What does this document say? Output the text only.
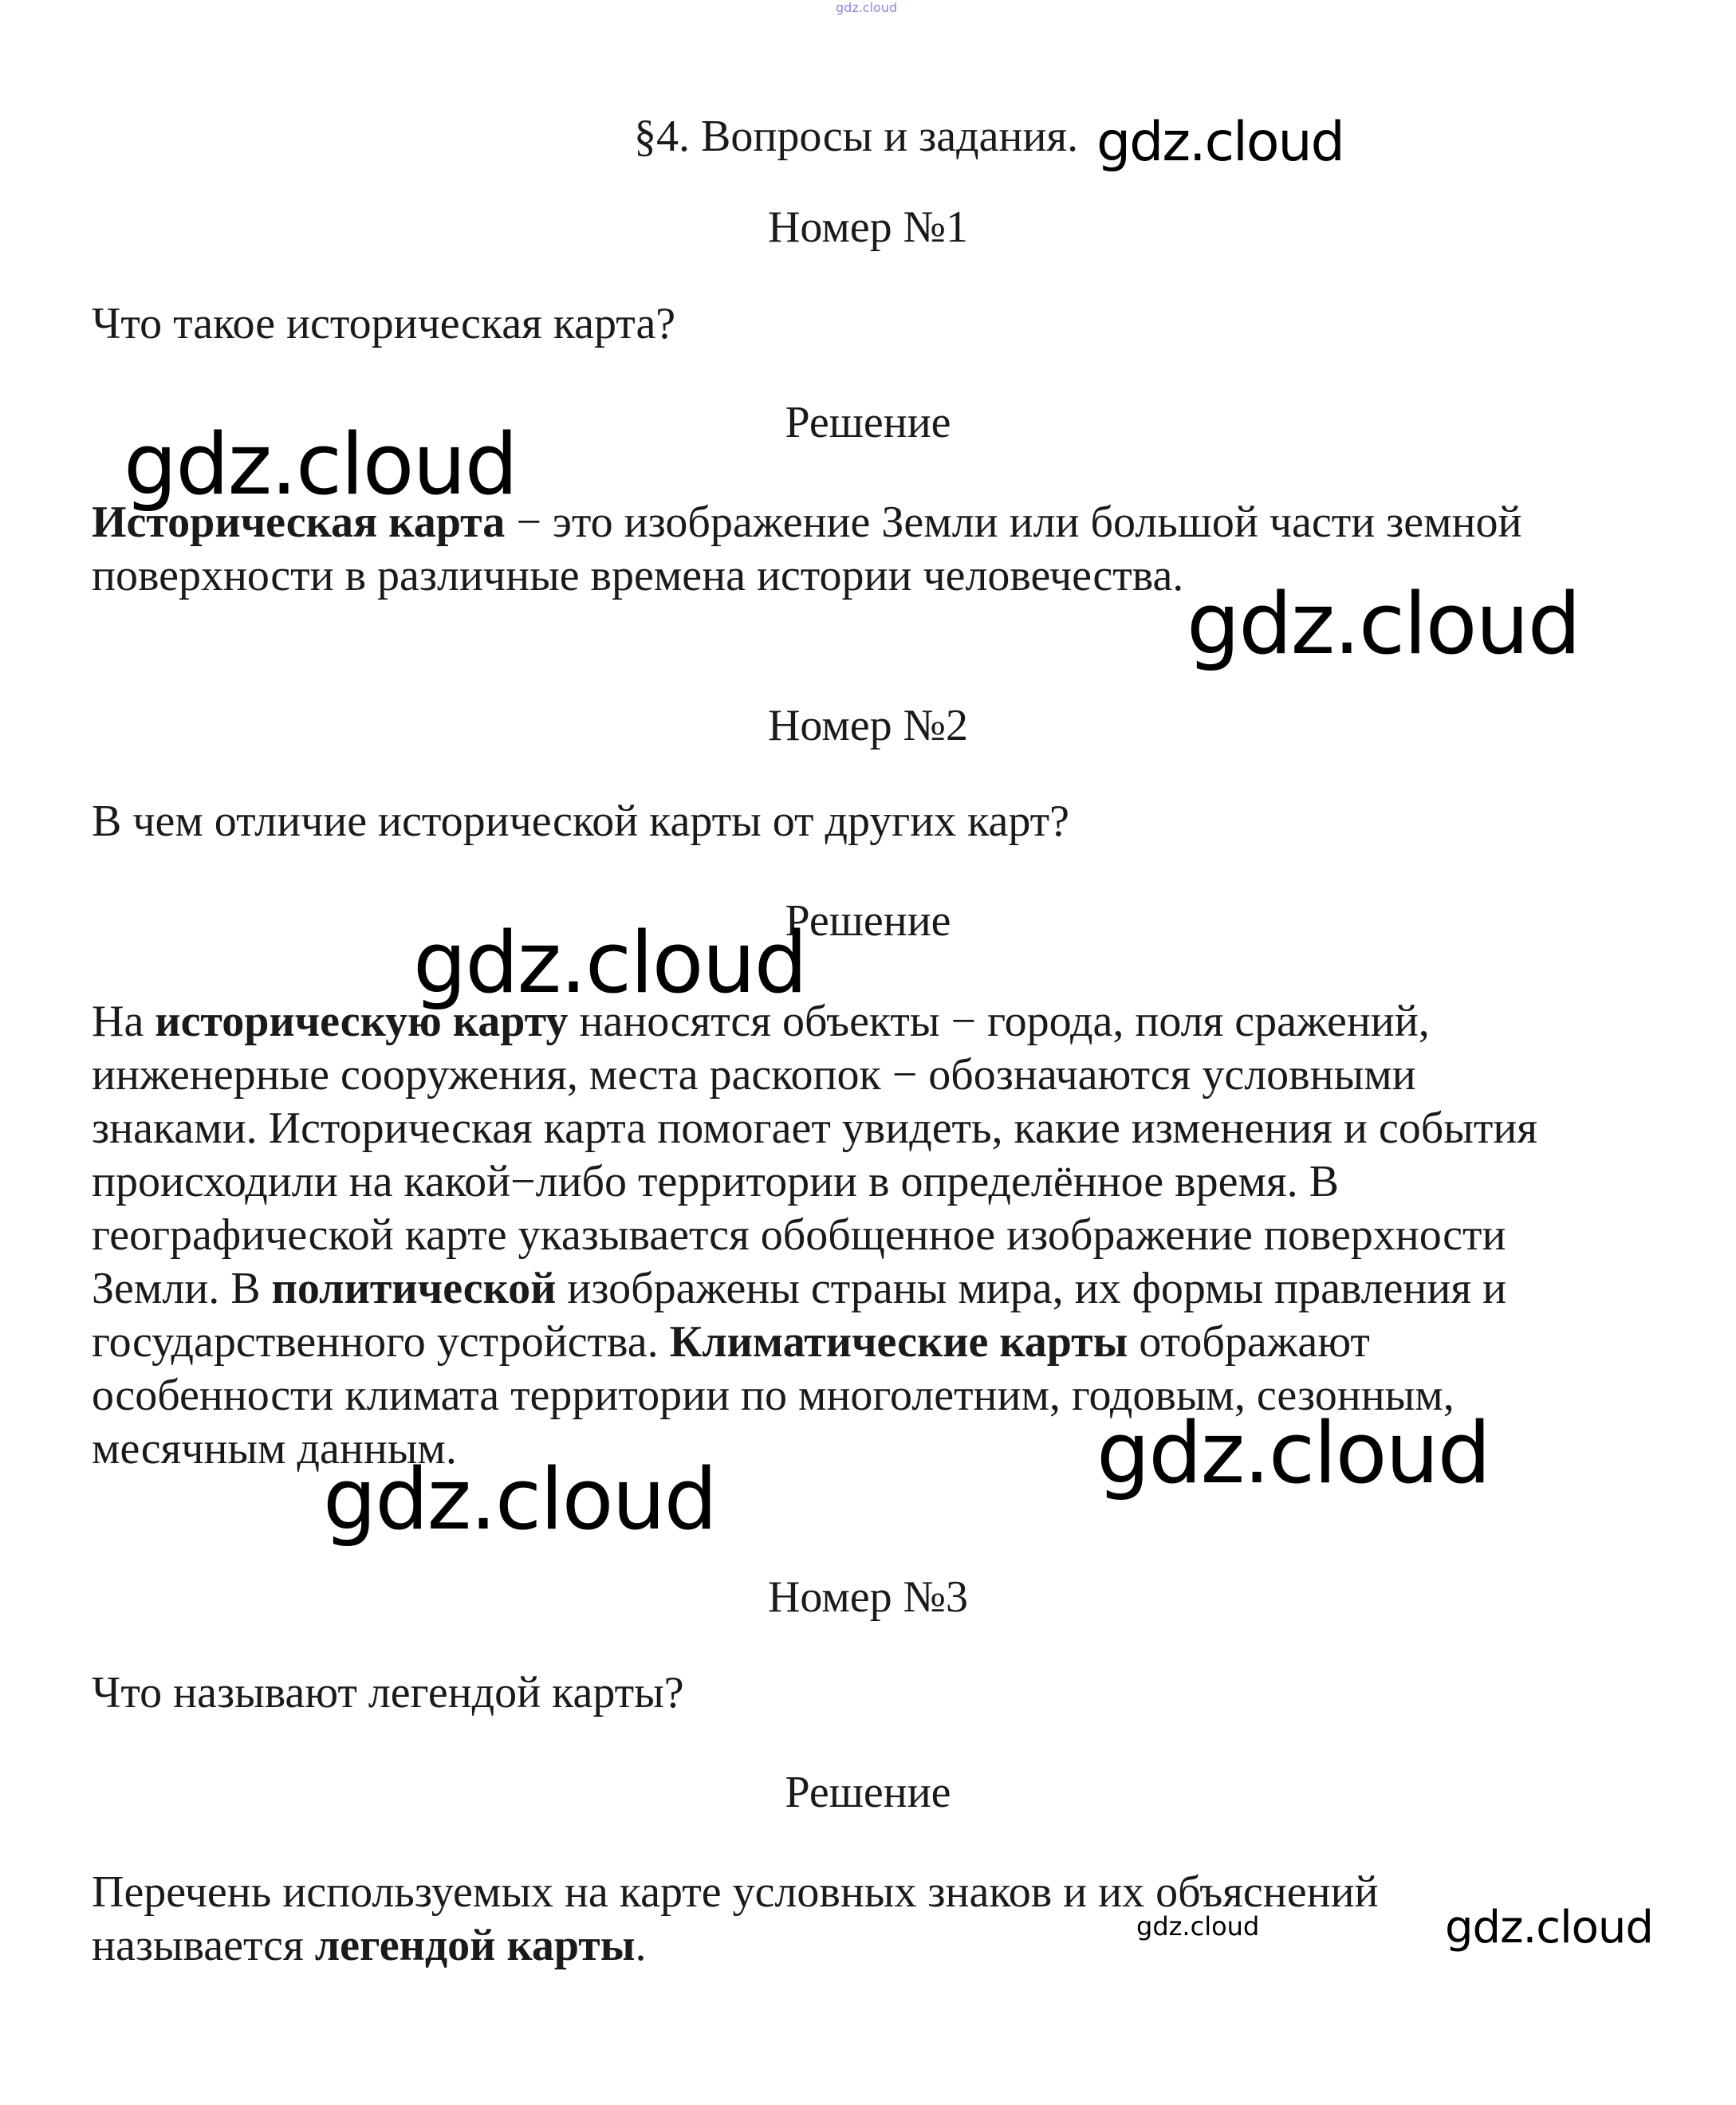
gdz.cloud
§4. Вопросы и задания.
Номер №1
Что такое историческая карта?
Решение
Историческая карта − это изображение Земли или большой части земной
поверхности в различные времена истории человечества.
Номер №2
В чем отличие исторической карты от других карт?
Решение
На историческую карту наносятся объекты − города, поля сражений,
инженерные сооружения, места раскопок − обозначаются условными
знаками. Историческая карта помогает увидеть, какие изменения и события
происходили на какой−либо территории в определённое время. В
географической карте указывается обобщенное изображение поверхности
Земли. В политической изображены страны мира, их формы правления и
государственного устройства. Климатические карты отображают
особенности климата территории по многолетним, годовым, сезонным,
месячным данным.
Номер №3
Что называют легендой карты?
Решение
Перечень используемых на карте условных знаков и их объяснений
называется легендой карты.
gdz.cloud
gdz.cloud
gdz.cloud
gdz.cloud
gdz.cloud
gdz.cloud
gdz.cloud	gdz.cloud
